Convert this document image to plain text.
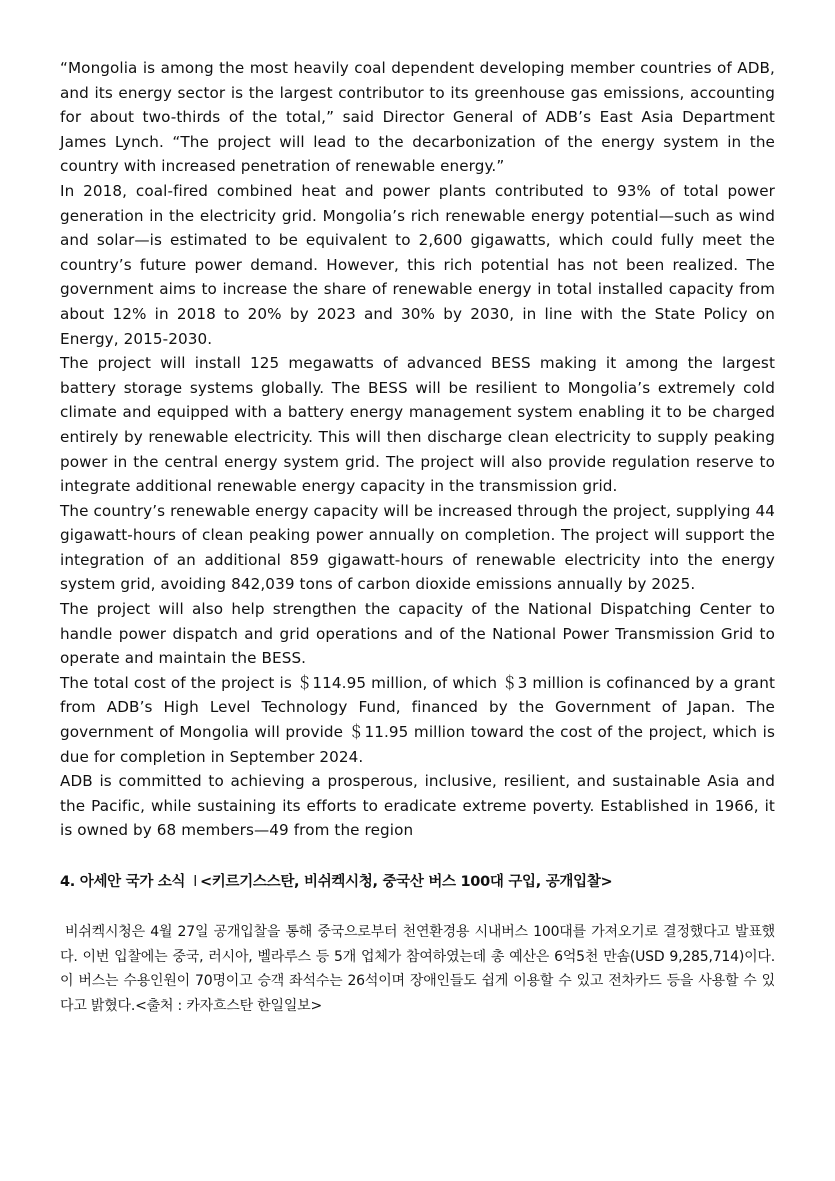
“Mongolia is among the most heavily coal dependent developing member countries of ADB, and its energy sector is the largest contributor to its greenhouse gas emissions, accounting for about two-thirds of the total,” said Director General of ADB’s East Asia Department James Lynch. “The project will lead to the decarbonization of the energy system in the country with increased penetration of renewable energy.”

In 2018, coal-fired combined heat and power plants contributed to 93% of total power generation in the electricity grid. Mongolia’s rich renewable energy potential—such as wind and solar—is estimated to be equivalent to 2,600 gigawatts, which could fully meet the country’s future power demand. However, this rich potential has not been realized. The government aims to increase the share of renewable energy in total installed capacity from about 12% in 2018 to 20% by 2023 and 30% by 2030, in line with the State Policy on Energy, 2015-2030.

The project will install 125 megawatts of advanced BESS making it among the largest battery storage systems globally. The BESS will be resilient to Mongolia’s extremely cold climate and equipped with a battery energy management system enabling it to be charged entirely by renewable electricity. This will then discharge clean electricity to supply peaking power in the central energy system grid. The project will also provide regulation reserve to integrate additional renewable energy capacity in the transmission grid.

The country’s renewable energy capacity will be increased through the project, supplying 44 gigawatt-hours of clean peaking power annually on completion. The project will support the integration of an additional 859 gigawatt-hours of renewable electricity into the energy system grid, avoiding 842,039 tons of carbon dioxide emissions annually by 2025.

The project will also help strengthen the capacity of the National Dispatching Center to handle power dispatch and grid operations and of the National Power Transmission Grid to operate and maintain the BESS.

The total cost of the project is ＄114.95 million, of which ＄3 million is cofinanced by a grant from ADB’s High Level Technology Fund, financed by the Government of Japan. The government of Mongolia will provide ＄11.95 million toward the cost of the project, which is due for completion in September 2024.

ADB is committed to achieving a prosperous, inclusive, resilient, and sustainable Asia and the Pacific, while sustaining its efforts to eradicate extreme poverty. Established in 1966, it is owned by 68 members—49 from the region

4. 아세안 국가 소식 l <키르기스스탄, 비쉬켁시청, 중국산 버스 100대 구입, 공개입찰>

비쉬켁시청은 4월 27일 공개입찰을 통해 중국으로부터 천연환경용 시내버스 100대를 가져오기로 결정했다고 발표했다. 이번 입찰에는 중국, 러시아, 벨라루스 등 5개 업체가 참여하였는데 총 예산은 6억5천 만솜(USD 9,285,714)이다. 이 버스는 수용인원이 70명이고 승객 좌석수는 26석이며 장애인들도 쉽게 이용할 수 있고 전차카드 등을 사용할 수 있다고 밝혔다.<출처 : 카자흐스탄 한일일보>
